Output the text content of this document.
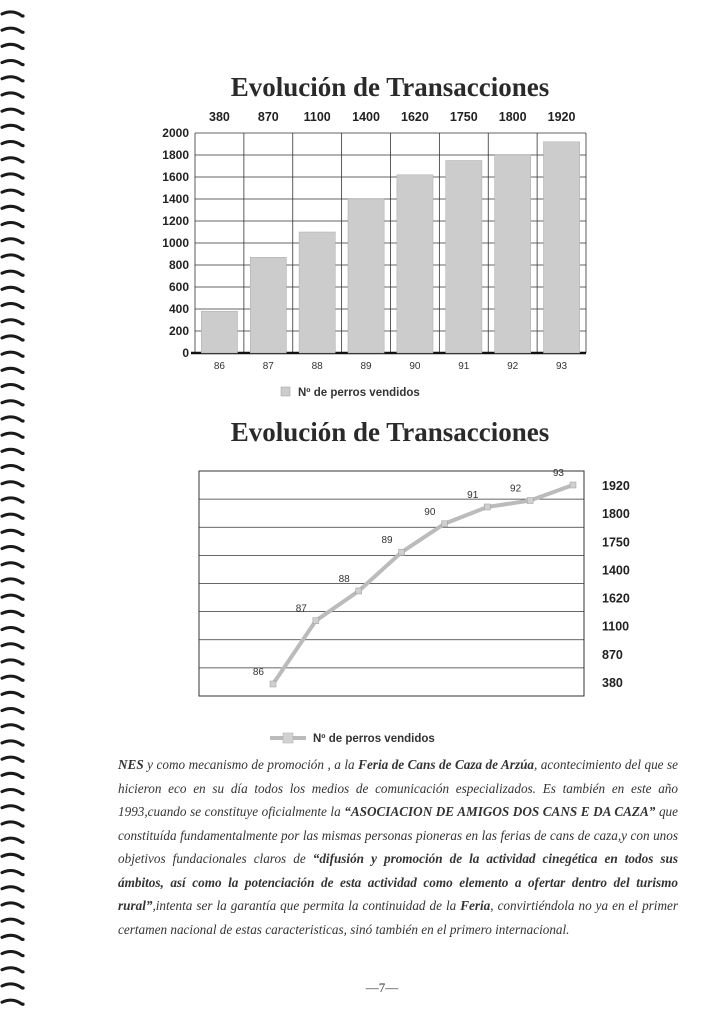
Evolución de Transacciones
0
200
400
600
800
1000
1200
1400
1600
1800
2000
86	87	88	89	90	91	92	93
380 870 1100 1400 1620 1750 1800 1920
Nº de perros vendidos
Evolución de Transacciones
86
87
88
89
90
91
92
93
380
870
1100
1620
1400
1750
1800
1920
Nº de perros vendidos

NES y como mecanismo de promoción , a la Feria de Cans de Caza de Arzúa, acontecimiento del que se hicieron eco en su día todos los medios de comunicación especializados. Es también en este año 1993,cuando se constituye oficialmente la “ASOCIACION DE AMIGOS DOS CANS E DA CAZA” que constituída fundamentalmente por las mismas personas pioneras en las ferias de cans de caza,y con unos objetivos fundacionales claros de “difusión y promoción de la actividad cinegética en todos sus ámbitos, así como la potenciación de esta actividad como elemento a ofertar dentro del turismo rural”,intenta ser la garantía que permita la continuidad de la Feria, convirtiéndola no ya en el primer certamen nacional de estas caracteristicas, sinó también en el primero internacional.

—7—
